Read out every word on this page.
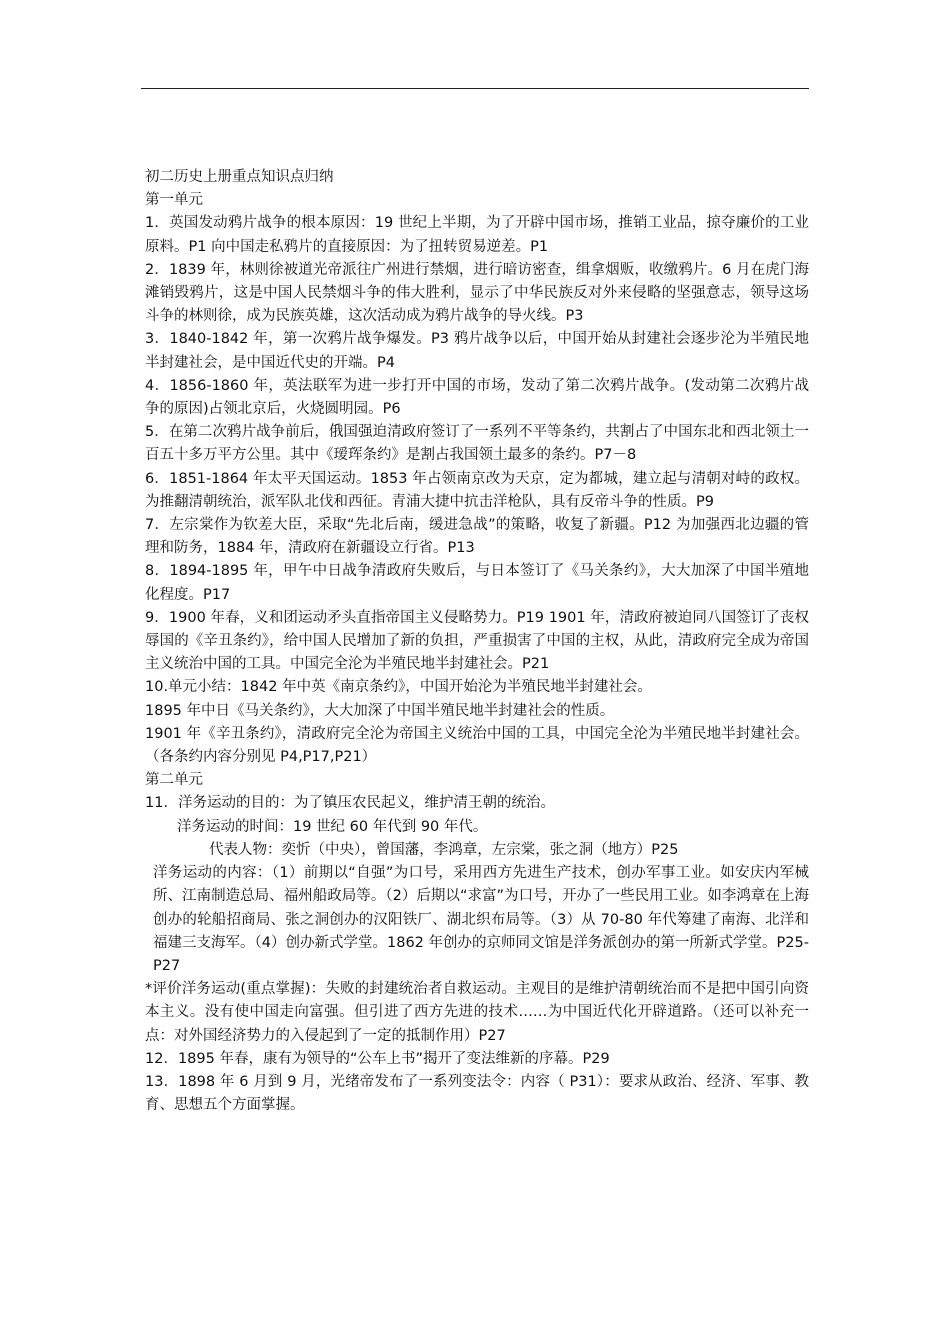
初二历史上册重点知识点归纳

第一单元

1．英国发动鸦片战争的根本原因：19 世纪上半期，为了开辟中国市场，推销工业品，掠夺廉价的工业原料。P1 向中国走私鸦片的直接原因：为了扭转贸易逆差。P1

2．1839 年，林则徐被道光帝派往广州进行禁烟，进行暗访密查，缉拿烟贩，收缴鸦片。6 月在虎门海滩销毁鸦片，这是中国人民禁烟斗争的伟大胜利，显示了中华民族反对外来侵略的坚强意志，领导这场斗争的林则徐，成为民族英雄，这次活动成为鸦片战争的导火线。P3

3．1840-1842 年，第一次鸦片战争爆发。P3 鸦片战争以后，中国开始从封建社会逐步沦为半殖民地半封建社会，是中国近代史的开端。P4

4．1856-1860 年，英法联军为进一步打开中国的市场，发动了第二次鸦片战争。(发动第二次鸦片战争的原因)占领北京后，火烧圆明园。P6

5．在第二次鸦片战争前后，俄国强迫清政府签订了一系列不平等条约，共割占了中国东北和西北领土一百五十多万平方公里。其中《瑷珲条约》是割占我国领土最多的条约。P7－8

6．1851-1864 年太平天国运动。1853 年占领南京改为天京，定为都城，建立起与清朝对峙的政权。为推翻清朝统治，派军队北伐和西征。青浦大捷中抗击洋枪队，具有反帝斗争的性质。P9

7．左宗棠作为钦差大臣，采取“先北后南，缓进急战”的策略，收复了新疆。P12 为加强西北边疆的管理和防务，1884 年，清政府在新疆设立行省。P13

8．1894-1895 年，甲午中日战争清政府失败后，与日本签订了《马关条约》，大大加深了中国半殖地化程度。P17

9．1900 年春，义和团运动矛头直指帝国主义侵略势力。P19 1901 年，清政府被迫同八国签订了丧权辱国的《辛丑条约》，给中国人民增加了新的负担，严重损害了中国的主权，从此，清政府完全成为帝国主义统治中国的工具。中国完全沦为半殖民地半封建社会。P21

10.单元小结：1842 年中英《南京条约》，中国开始沦为半殖民地半封建社会。

1895 年中日《马关条约》，大大加深了中国半殖民地半封建社会的性质。

1901 年《辛丑条约》，清政府完全沦为帝国主义统治中国的工具，中国完全沦为半殖民地半封建社会。（各条约内容分别见 P4,P17,P21）

第二单元

11．洋务运动的目的：为了镇压农民起义，维护清王朝的统治。

洋务运动的时间：19 世纪 60 年代到 90 年代。

代表人物：奕忻（中央），曾国藩，李鸿章，左宗棠，张之洞（地方）P25

洋务运动的内容：（1）前期以“自强”为口号，采用西方先进生产技术，创办军事工业。如安庆内军械所、江南制造总局、福州船政局等。（2）后期以“求富”为口号，开办了一些民用工业。如李鸿章在上海创办的轮船招商局、张之洞创办的汉阳铁厂、湖北织布局等。（3）从 70-80 年代筹建了南海、北洋和福建三支海军。（4）创办新式学堂。1862 年创办的京师同文馆是洋务派创办的第一所新式学堂。P25-P27

*评价洋务运动(重点掌握)：失败的封建统治者自救运动。主观目的是维护清朝统治而不是把中国引向资本主义。没有使中国走向富强。但引进了西方先进的技术……为中国近代化开辟道路。（还可以补充一点：对外国经济势力的入侵起到了一定的抵制作用）P27

12．1895 年春，康有为领导的“公车上书”揭开了变法维新的序幕。P29

13．1898 年 6 月到 9 月，光绪帝发布了一系列变法令：内容（ P31）：要求从政治、经济、军事、教育、思想五个方面掌握。
